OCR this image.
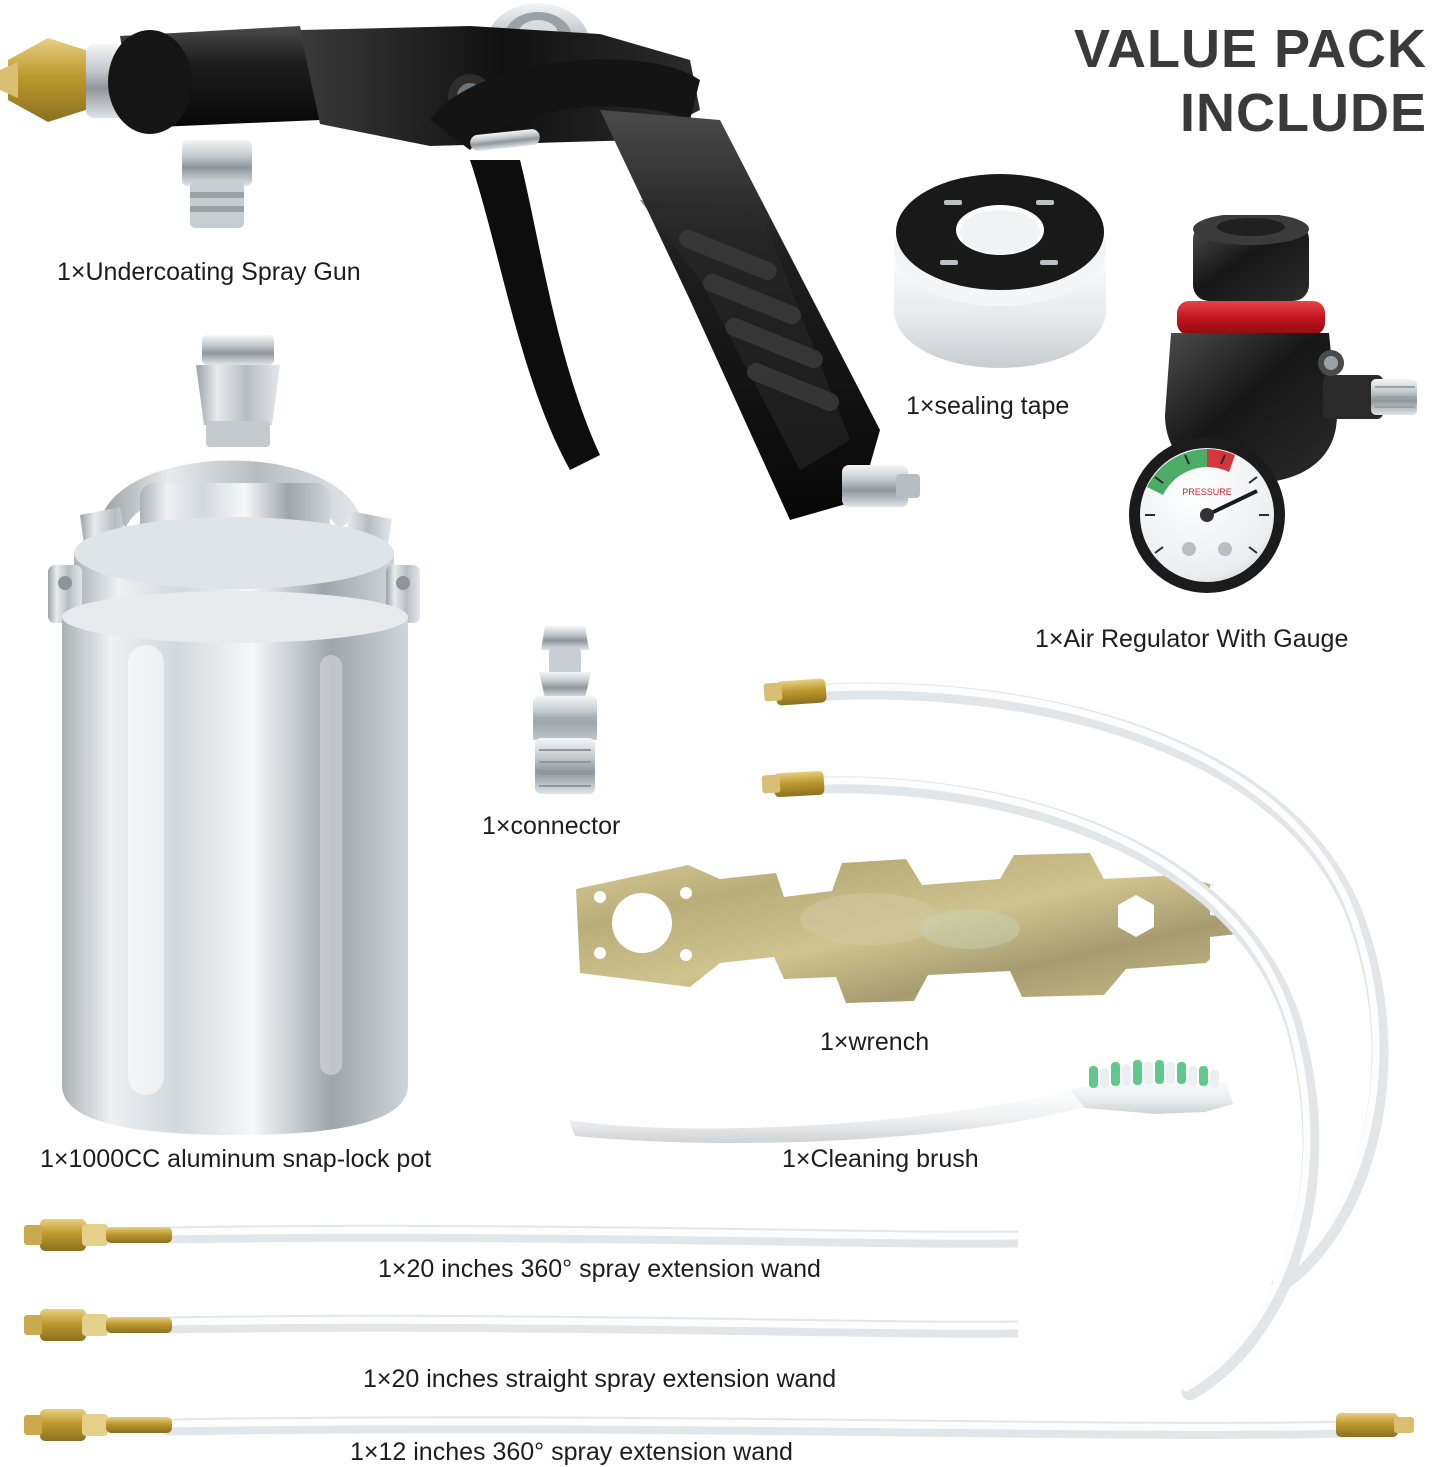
VALUE PACK
INCLUDE
1×Undercoating Spray Gun
1×sealing tape
PRESSURE
1×Air Regulator With Gauge
1×1000CC aluminum snap-lock pot
1×connector
1×wrench
1×Cleaning brush
1×20 inches 360° spray extension wand
1×20 inches straight spray extension wand
1×12 inches 360° spray extension wand
